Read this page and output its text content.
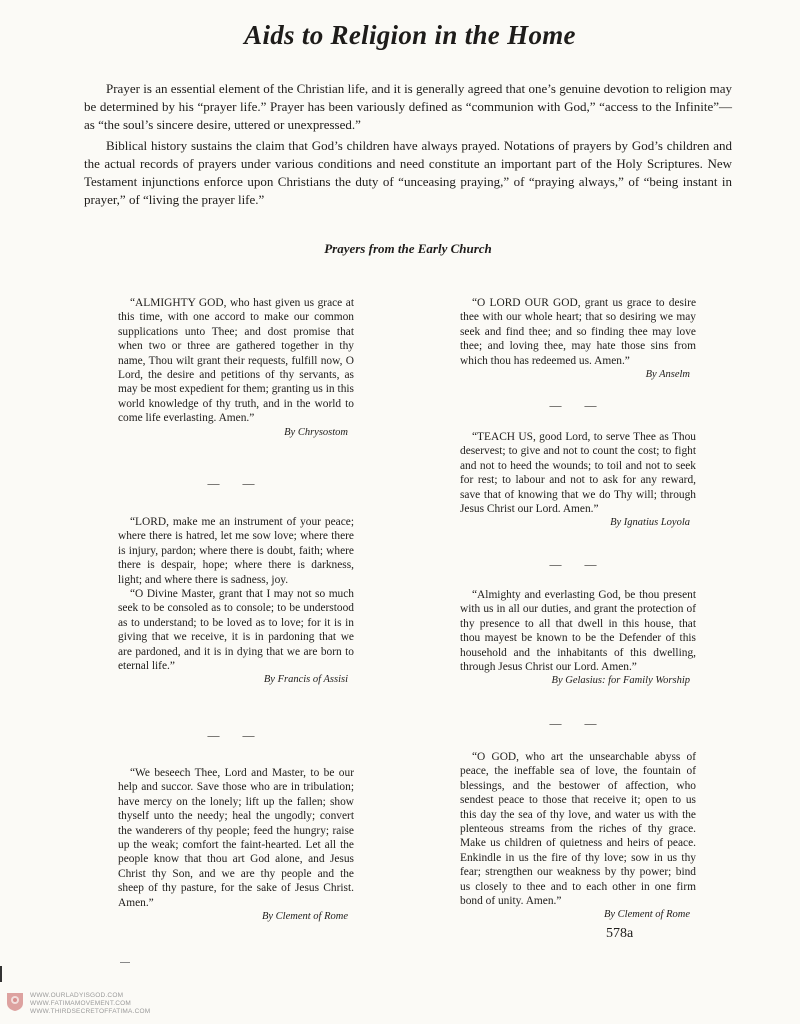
Aids to Religion in the Home

Prayer is an essential element of the Christian life, and it is generally agreed that one’s genuine devotion to religion may be determined by his “prayer life.” Prayer has been variously defined as “communion with God,” “access to the Infinite”—as “the soul’s sincere desire, uttered or unexpressed.”

Biblical history sustains the claim that God’s children have always prayed. Notations of prayers by God’s children and the actual records of prayers under various conditions and need constitute an important part of the Holy Scriptures. New Testament injunctions enforce upon Christians the duty of “unceasing praying,” of “praying always,” of “being instant in prayer,” of “living the prayer life.”

Prayers from the Early Church

“ALMIGHTY GOD, who hast given us grace at this time, with one accord to make our common supplications unto Thee; and dost promise that when two or three are gathered together in thy name, Thou wilt grant their requests, fulfill now, O Lord, the desire and petitions of thy servants, as may be most expedient for them; granting us in this world knowledge of thy truth, and in the world to come life everlasting. Amen.”

By Chrysostom
— —

“LORD, make me an instrument of your peace; where there is hatred, let me sow love; where there is injury, pardon; where there is doubt, faith; where there is despair, hope; where there is darkness, light; and where there is sadness, joy.

“O Divine Master, grant that I may not so much seek to be consoled as to console; to be understood as to understand; to be loved as to love; for it is in giving that we receive, it is in pardoning that we are pardoned, and it is in dying that we are born to eternal life.”

By Francis of Assisi
— —

“We beseech Thee, Lord and Master, to be our help and succor. Save those who are in tribulation; have mercy on the lonely; lift up the fallen; show thyself unto the needy; heal the ungodly; convert the wanderers of thy people; feed the hungry; raise up the weak; comfort the faint-hearted. Let all the people know that thou art God alone, and Jesus Christ thy Son, and we are thy people and the sheep of thy pasture, for the sake of Jesus Christ. Amen.”

By Clement of Rome

“O LORD OUR GOD, grant us grace to desire thee with our whole heart; that so desiring we may seek and find thee; and so finding thee may love thee; and loving thee, may hate those sins from which thou has redeemed us. Amen.”

By Anselm
— —

“TEACH US, good Lord, to serve Thee as Thou deservest; to give and not to count the cost; to fight and not to heed the wounds; to toil and not to seek for rest; to labour and not to ask for any reward, save that of knowing that we do Thy will; through Jesus Christ our Lord. Amen.”

By Ignatius Loyola
— —

“Almighty and everlasting God, be thou present with us in all our duties, and grant the protection of thy presence to all that dwell in this house, that thou mayest be known to be the Defender of this household and the inhabitants of this dwelling, through Jesus Christ our Lord. Amen.”

By Gelasius: for Family Worship
— —

“O GOD, who art the unsearchable abyss of peace, the ineffable sea of love, the fountain of blessings, and the bestower of affection, who sendest peace to those that receive it; open to us this day the sea of thy love, and water us with the plenteous streams from the riches of thy grace. Make us children of quietness and heirs of peace. Enkindle in us the fire of thy love; sow in us thy fear; strengthen our weakness by thy power; bind us closely to thee and to each other in one firm bond of unity. Amen.”

By Clement of Rome
578a
WWW.OURLADYISGOD.COM
WWW.FATIMAMOVEMENT.COM
WWW.THIRDSECRETOFFATIMA.COM
